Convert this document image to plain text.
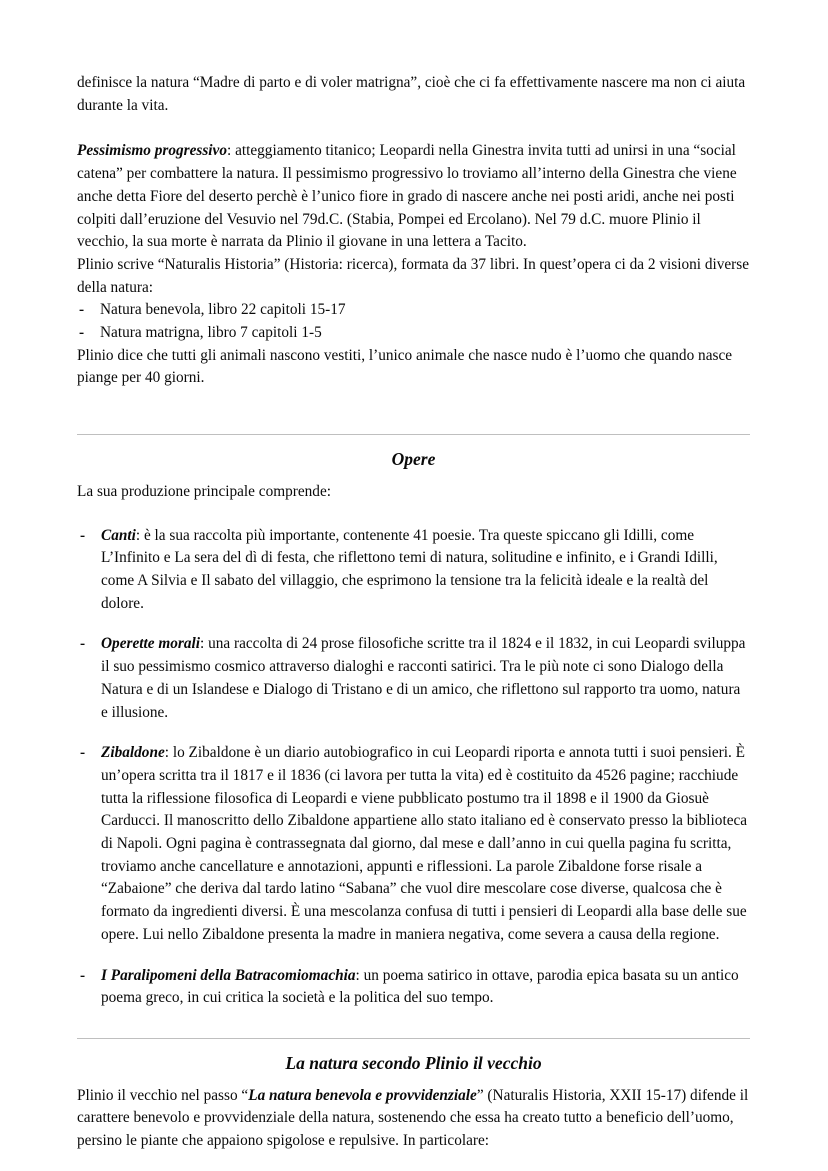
definisce la natura “Madre di parto e di voler matrigna”, cioè che ci fa effettivamente nascere ma non ci aiuta durante la vita.

Pessimismo progressivo: atteggiamento titanico; Leopardi nella Ginestra invita tutti ad unirsi in una “social catena” per combattere la natura. Il pessimismo progressivo lo troviamo all’interno della Ginestra che viene anche detta Fiore del deserto perchè è l’unico fiore in grado di nascere anche nei posti aridi, anche nei posti colpiti dall’eruzione del Vesuvio nel 79d.C. (Stabia, Pompei ed Ercolano). Nel 79 d.C. muore Plinio il vecchio, la sua morte è narrata da Plinio il giovane in una lettera a Tacito.

Plinio scrive “Naturalis Historia” (Historia: ricerca), formata da 37 libri. In quest’opera ci da 2 visioni diverse della natura:

- Natura benevola, libro 22 capitoli 15-17
- Natura matrigna, libro 7 capitoli 1-5

Plinio dice che tutti gli animali nascono vestiti, l’unico animale che nasce nudo è l’uomo che quando nasce piange per 40 giorni.

Opere

La sua produzione principale comprende:

- Canti: è la sua raccolta più importante, contenente 41 poesie. Tra queste spiccano gli Idilli, come L’Infinito e La sera del dì di festa, che riflettono temi di natura, solitudine e infinito, e i Grandi Idilli, come A Silvia e Il sabato del villaggio, che esprimono la tensione tra la felicità ideale e la realtà del dolore.
- Operette morali: una raccolta di 24 prose filosofiche scritte tra il 1824 e il 1832, in cui Leopardi sviluppa il suo pessimismo cosmico attraverso dialoghi e racconti satirici. Tra le più note ci sono Dialogo della Natura e di un Islandese e Dialogo di Tristano e di un amico, che riflettono sul rapporto tra uomo, natura e illusione.
- Zibaldone: lo Zibaldone è un diario autobiografico in cui Leopardi riporta e annota tutti i suoi pensieri. È un’opera scritta tra il 1817 e il 1836 (ci lavora per tutta la vita) ed è costituito da 4526 pagine; racchiude tutta la riflessione filosofica di Leopardi e viene pubblicato postumo tra il 1898 e il 1900 da Giosuè Carducci. Il manoscritto dello Zibaldone appartiene allo stato italiano ed è conservato presso la biblioteca di Napoli. Ogni pagina è contrassegnata dal giorno, dal mese e dall’anno in cui quella pagina fu scritta, troviamo anche cancellature e annotazioni, appunti e riflessioni. La parole Zibaldone forse risale a “Zabaione” che deriva dal tardo latino “Sabana” che vuol dire mescolare cose diverse, qualcosa che è formato da ingredienti diversi. È una mescolanza confusa di tutti i pensieri di Leopardi alla base delle sue opere. Lui nello Zibaldone presenta la madre in maniera negativa, come severa a causa della regione.
- I Paralipomeni della Batracomiomachia: un poema satirico in ottave, parodia epica basata su un antico poema greco, in cui critica la società e la politica del suo tempo.
La natura secondo Plinio il vecchio

Plinio il vecchio nel passo “La natura benevola e provvidenziale” (Naturalis Historia, XXII 15-17) difende il carattere benevolo e provvidenziale della natura, sostenendo che essa ha creato tutto a beneficio dell’uomo, persino le piante che appaiono spigolose e repulsive. In particolare:
